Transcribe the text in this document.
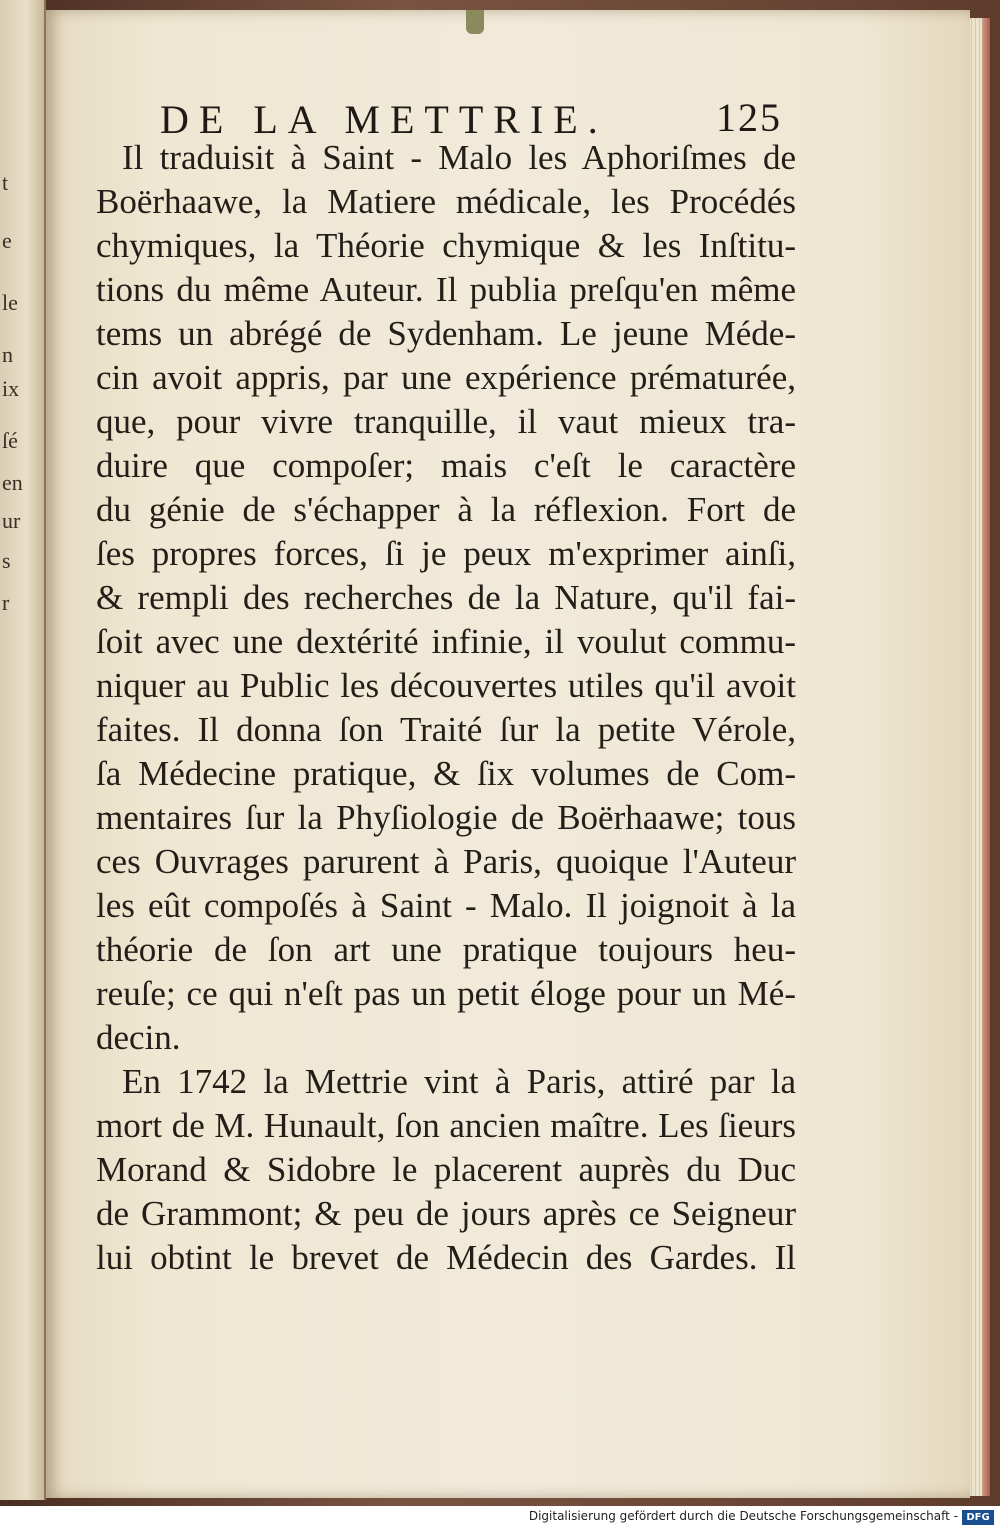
t
e
le
n
ix
ſé
en
ur
s
r
DE LA METTRIE.	125
Il traduisit à Saint - Malo les Aphoriſmes de
Boërhaawe, la Matiere médicale, les Procédés
chymiques, la Théorie chymique & les Inſtitu-
tions du même Auteur. Il publia preſqu'en même
tems un abrégé de Sydenham. Le jeune Méde-
cin avoit appris, par une expérience prématurée,
que, pour vivre tranquille, il vaut mieux tra-
duire que compoſer; mais c'eſt le caractère
du génie de s'échapper à la réflexion. Fort de
ſes propres forces, ſi je peux m'exprimer ainſi,
& rempli des recherches de la Nature, qu'il fai-
ſoit avec une dextérité infinie, il voulut commu-
niquer au Public les découvertes utiles qu'il avoit
faites. Il donna ſon Traité ſur la petite Vérole,
ſa Médecine pratique, & ſix volumes de Com-
mentaires ſur la Phyſiologie de Boërhaawe; tous
ces Ouvrages parurent à Paris, quoique l'Auteur
les eût compoſés à Saint - Malo. Il joignoit à la
théorie de ſon art une pratique toujours heu-
reuſe; ce qui n'eſt pas un petit éloge pour un Mé-
decin.
En 1742 la Mettrie vint à Paris, attiré par la
mort de M. Hunault, ſon ancien maître. Les ſieurs
Morand & Sidobre le placerent auprès du Duc
de Grammont; & peu de jours après ce Seigneur
lui obtint le brevet de Médecin des Gardes. Il
Digitalisierung gefördert durch die Deutsche Forschungsgemeinschaft - DFG
